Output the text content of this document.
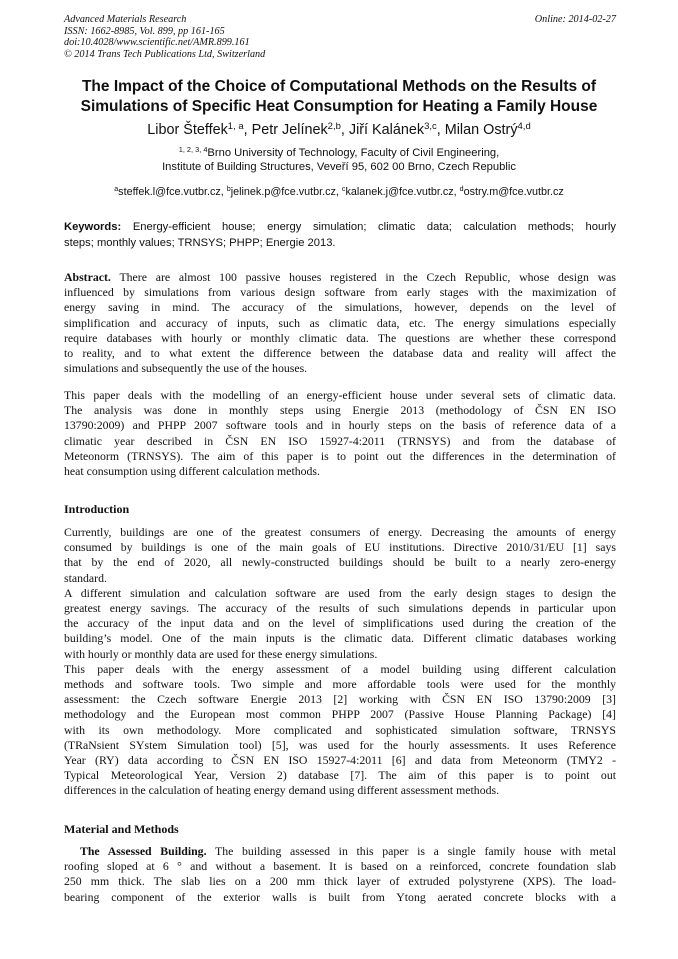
Advanced Materials Research
ISSN: 1662-8985, Vol. 899, pp 161-165
doi:10.4028/www.scientific.net/AMR.899.161
© 2014 Trans Tech Publications Ltd, Switzerland
Online: 2014-02-27
The Impact of the Choice of Computational Methods on the Results of
Simulations of Specific Heat Consumption for Heating a Family House
Libor Šteffek$^{1, a}$, Petr Jelínek$^{2,b}$, Jiří Kalánek$^{3,c}$, Milan Ostrý$^{4,d}$
$^{1, 2, 3, 4}$Brno University of Technology, Faculty of Civil Engineering,
Institute of Building Structures, Veveří 95, 602 00 Brno, Czech Republic
$^a$steffek.l@fce.vutbr.cz, $^b$jelinek.p@fce.vutbr.cz, $^c$kalanek.j@fce.vutbr.cz, $^d$ostry.m@fce.vutbr.cz
Keywords: Energy-efficient house; energy simulation; climatic data; calculation methods; hourly
steps; monthly values; TRNSYS; PHPP; Energie 2013.
Abstract. There are almost 100 passive houses registered in the Czech Republic, whose design was
influenced by simulations from various design software from early stages with the maximization of
energy saving in mind. The accuracy of the simulations, however, depends on the level of
simplification and accuracy of inputs, such as climatic data, etc. The energy simulations especially
require databases with hourly or monthly climatic data. The questions are whether these correspond
to reality, and to what extent the difference between the database data and reality will affect the
simulations and subsequently the use of the houses.
This paper deals with the modelling of an energy-efficient house under several sets of climatic data.
The analysis was done in monthly steps using Energie 2013 (methodology of ČSN EN ISO
13790:2009) and PHPP 2007 software tools and in hourly steps on the basis of reference data of a
climatic year described in ČSN EN ISO 15927-4:2011 (TRNSYS) and from the database of
Meteonorm (TRNSYS). The aim of this paper is to point out the differences in the determination of
heat consumption using different calculation methods.
Introduction
Currently, buildings are one of the greatest consumers of energy. Decreasing the amounts of energy
consumed by buildings is one of the main goals of EU institutions. Directive 2010/31/EU [1] says
that by the end of 2020, all newly-constructed buildings should be built to a nearly zero-energy
standard.
A different simulation and calculation software are used from the early design stages to design the
greatest energy savings. The accuracy of the results of such simulations depends in particular upon
the accuracy of the input data and on the level of simplifications used during the creation of the
building’s model. One of the main inputs is the climatic data. Different climatic databases working
with hourly or monthly data are used for these energy simulations.
This paper deals with the energy assessment of a model building using different calculation
methods and software tools. Two simple and more affordable tools were used for the monthly
assessment: the Czech software Energie 2013 [2] working with ČSN EN ISO 13790:2009 [3]
methodology and the European most common PHPP 2007 (Passive House Planning Package) [4]
with its own methodology. More complicated and sophisticated simulation software, TRNSYS
(TRaNsient SYstem Simulation tool) [5], was used for the hourly assessments. It uses Reference
Year (RY) data according to ČSN EN ISO 15927-4:2011 [6] and data from Meteonorm (TMY2 -
Typical Meteorological Year, Version 2) database [7]. The aim of this paper is to point out
differences in the calculation of heating energy demand using different assessment methods.
Material and Methods
The Assessed Building. The building assessed in this paper is a single family house with metal
roofing sloped at 6 ° and without a basement. It is based on a reinforced, concrete foundation slab
250 mm thick. The slab lies on a 200 mm thick layer of extruded polystyrene (XPS). The load-
bearing component of the exterior walls is built from Ytong aerated concrete blocks with a
